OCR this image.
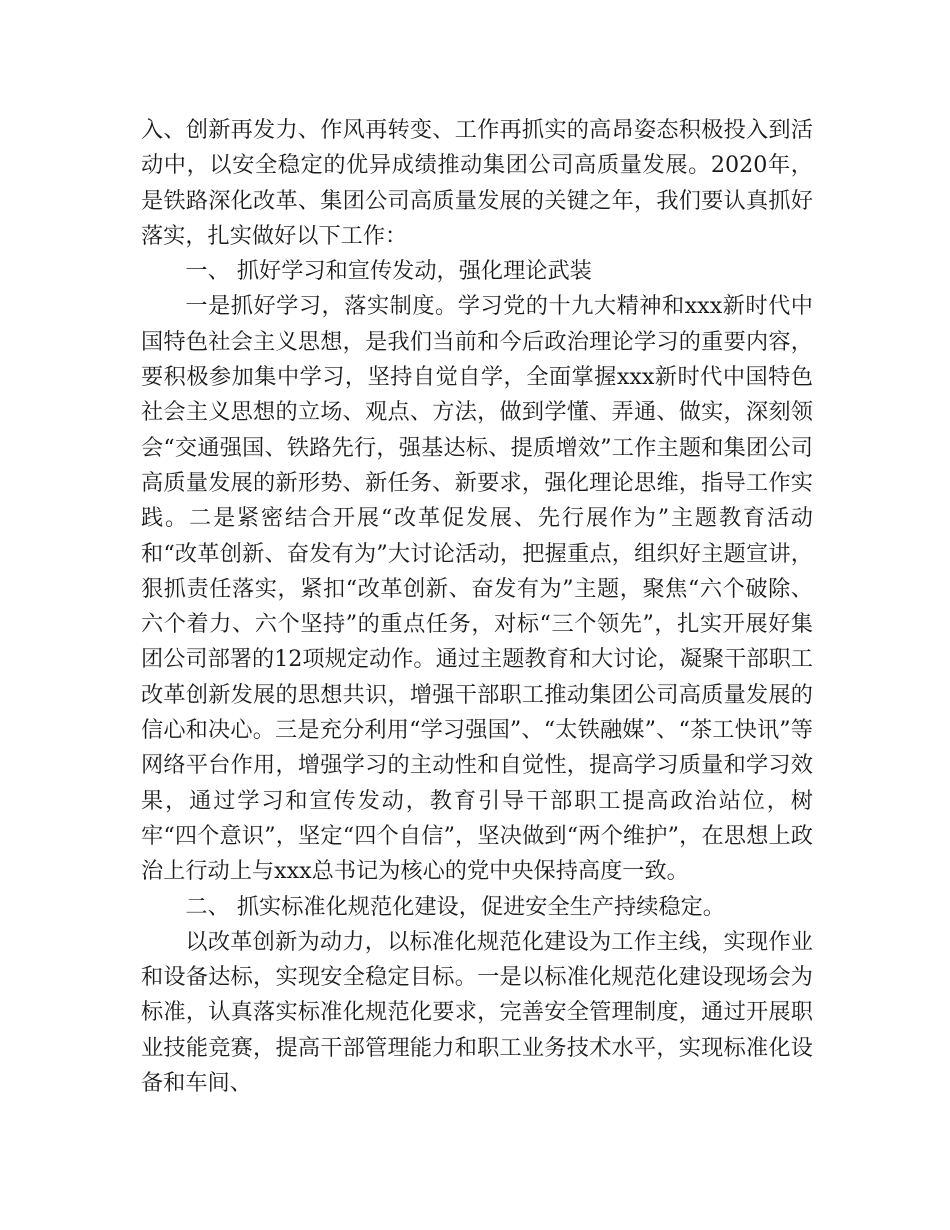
入、创新再发力、作风再转变、工作再抓实的高昂姿态积极投入到活动中，以安全稳定的优异成绩推动集团公司高质量发展。2020年，是铁路深化改革、集团公司高质量发展的关键之年，我们要认真抓好落实，扎实做好以下工作：

一、 抓好学习和宣传发动，强化理论武装

一是抓好学习，落实制度。学习党的十九大精神和xxx新时代中国特色社会主义思想，是我们当前和今后政治理论学习的重要内容，要积极参加集中学习，坚持自觉自学，全面掌握xxx新时代中国特色社会主义思想的立场、观点、方法，做到学懂、弄通、做实，深刻领会“交通强国、铁路先行，强基达标、提质增效”工作主题和集团公司高质量发展的新形势、新任务、新要求，强化理论思维，指导工作实践。二是紧密结合开展“改革促发展、先行展作为”主题教育活动和“改革创新、奋发有为”大讨论活动，把握重点，组织好主题宣讲，狠抓责任落实，紧扣“改革创新、奋发有为”主题，聚焦“六个破除、六个着力、六个坚持”的重点任务，对标“三个领先”，扎实开展好集团公司部署的12项规定动作。通过主题教育和大讨论，凝聚干部职工改革创新发展的思想共识，增强干部职工推动集团公司高质量发展的信心和决心。三是充分利用“学习强国”、“太铁融媒”、“茶工快讯”等网络平台作用，增强学习的主动性和自觉性，提高学习质量和学习效果，通过学习和宣传发动，教育引导干部职工提高政治站位，树牢“四个意识”，坚定“四个自信”，坚决做到“两个维护”，在思想上政治上行动上与xxx总书记为核心的党中央保持高度一致。

二、 抓实标准化规范化建设，促进安全生产持续稳定。

以改革创新为动力，以标准化规范化建设为工作主线，实现作业和设备达标，实现安全稳定目标。一是以标准化规范化建设现场会为标准，认真落实标准化规范化要求，完善安全管理制度，通过开展职业技能竞赛，提高干部管理能力和职工业务技术水平，实现标准化设备和车间、
